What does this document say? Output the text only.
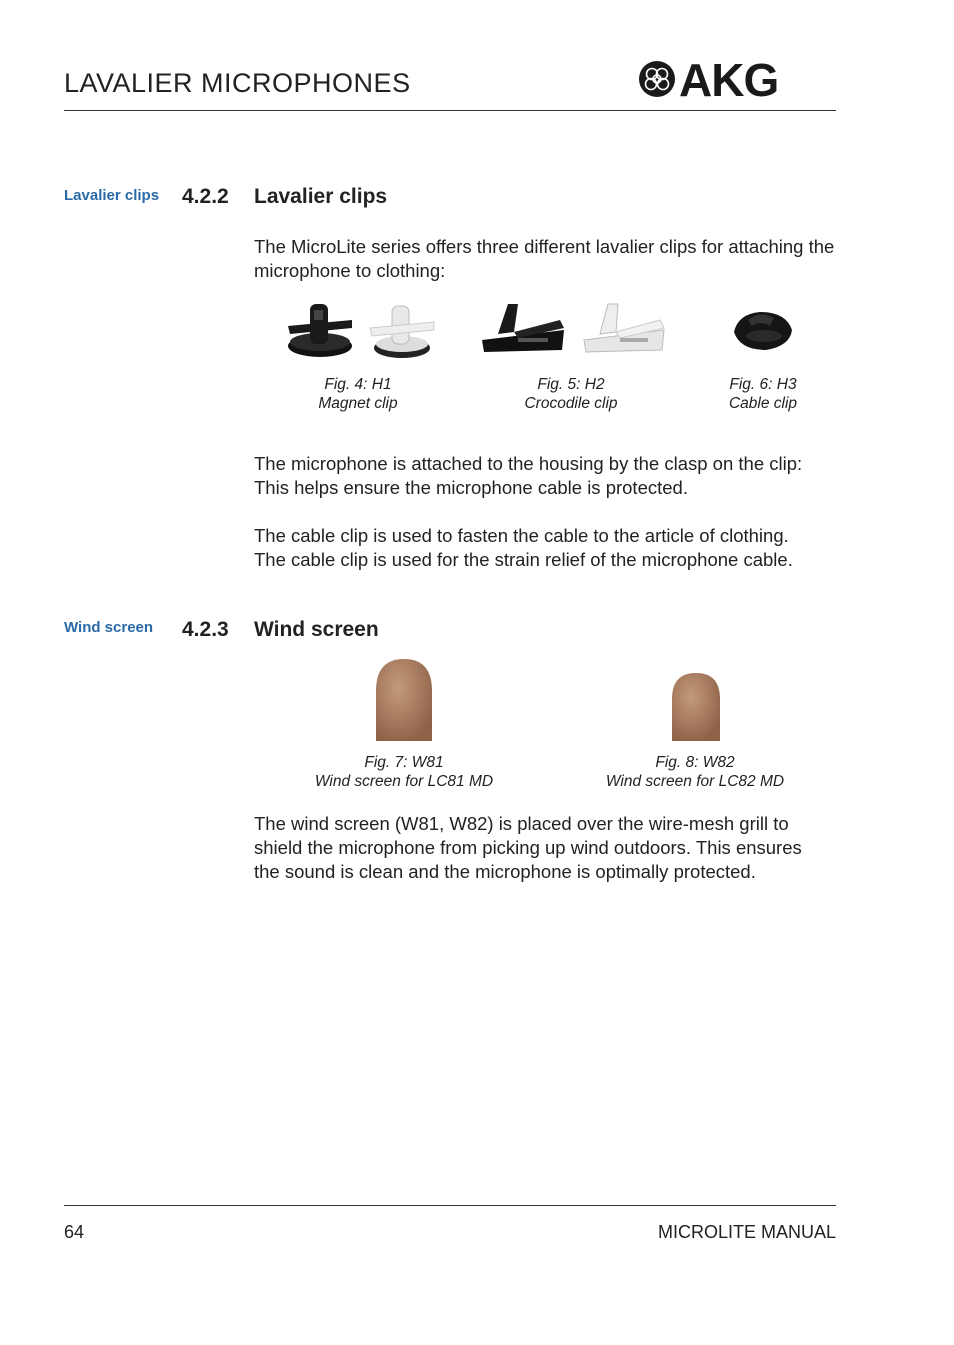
LAVALIER MICROPHONES	AKG
Lavalier clips 4.2.2 Lavalier clips
The MicroLite series offers three different lavalier clips for attaching the microphone to clothing:
Fig. 4: H1
Magnet clip
Fig. 5: H2
Crocodile clip
Fig. 6: H3
Cable clip
The microphone is attached to the housing by the clasp on the clip:
This helps ensure the microphone cable is protected.
The cable clip is used to fasten the cable to the article of clothing.
The cable clip is used for the strain relief of the microphone cable.
Wind screen 4.2.3 Wind screen
Fig. 7: W81
Wind screen for LC81 MD
Fig. 8: W82
Wind screen for LC82 MD
The wind screen (W81, W82) is placed over the wire-mesh grill to
shield the microphone from picking up wind outdoors. This ensures
the sound is clean and the microphone is optimally protected.
64	MICROLITE MANUAL
